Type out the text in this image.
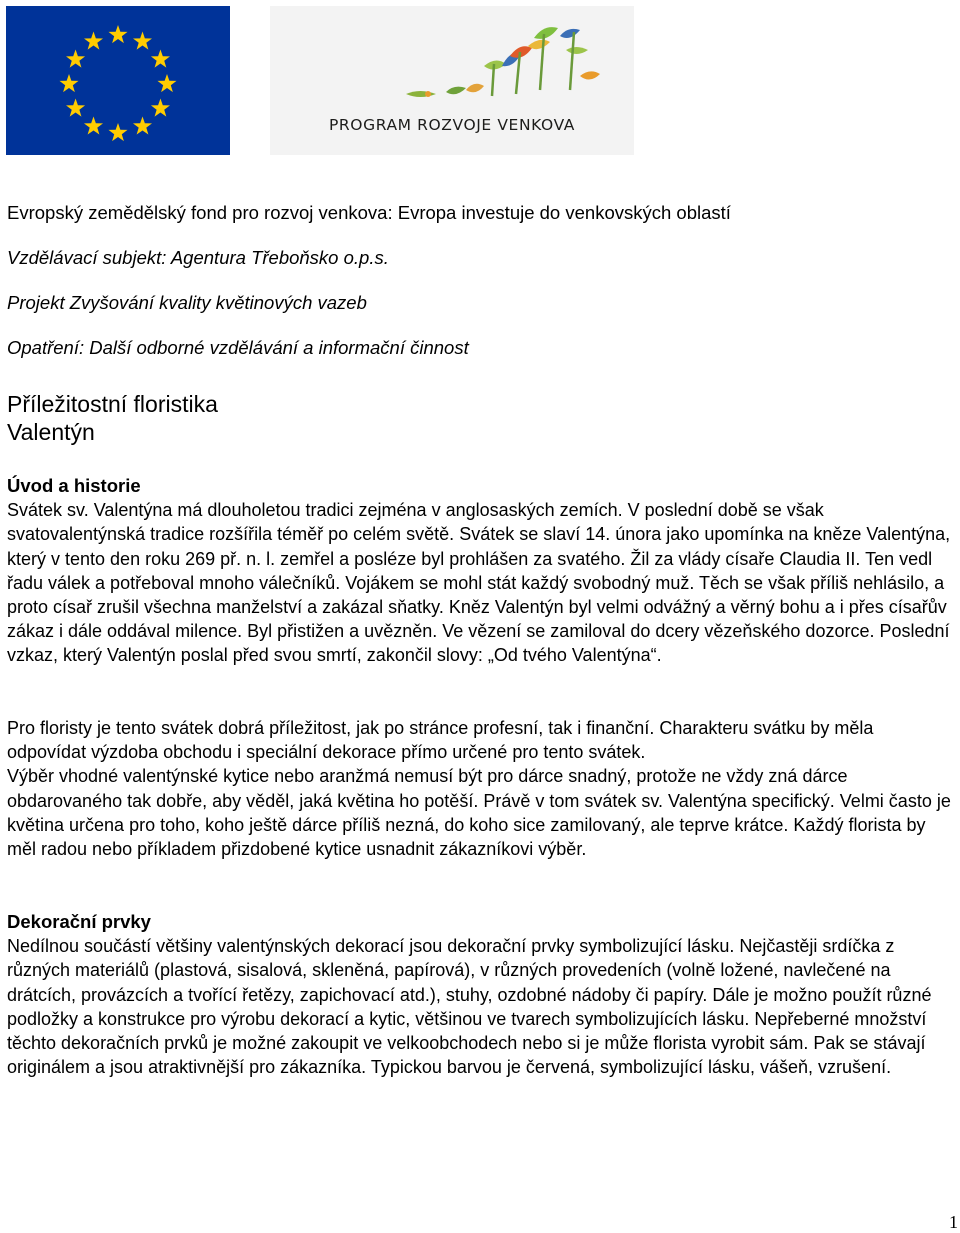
PROGRAM ROZVOJE VENKOVA
Evropský zemědělský fond pro rozvoj venkova: Evropa investuje do venkovských oblastí
Vzdělávací subjekt: Agentura Třeboňsko o.p.s.
Projekt Zvyšování kvality květinových vazeb
Opatření: Další odborné vzdělávání a informační činnost
Příležitostní floristika
Valentýn
Úvod a historie

Svátek sv. Valentýna má dlouholetou tradici zejména v anglosaských zemích. V poslední době se však svatovalentýnská tradice rozšířila téměř po celém světě. Svátek se slaví 14. února jako upomínka na kněze Valentýna, který v tento den roku 269 př. n. l. zemřel a posléze byl prohlášen za svatého. Žil za vlády císaře Claudia II. Ten vedl řadu válek a potřeboval mnoho válečníků. Vojákem se mohl stát každý svobodný muž. Těch se však příliš nehlásilo, a proto císař zrušil všechna manželství a zakázal sňatky. Kněz Valentýn byl velmi odvážný a věrný bohu a i přes císařův zákaz i dále oddával milence. Byl přistižen a uvězněn. Ve vězení se zamiloval do dcery vězeňského dozorce. Poslední vzkaz, který Valentýn poslal před svou smrtí, zakončil slovy: „Od tvého Valentýna“.

Pro floristy je tento svátek dobrá příležitost, jak po stránce profesní, tak i finanční. Charakteru svátku by měla odpovídat výzdoba obchodu i speciální dekorace přímo určené pro tento svátek.

Výběr vhodné valentýnské kytice nebo aranžmá nemusí být pro dárce snadný, protože ne vždy zná dárce obdarovaného tak dobře, aby věděl, jaká květina ho potěší. Právě v tom svátek sv. Valentýna specifický. Velmi často je květina určena pro toho, koho ještě dárce příliš nezná, do koho sice zamilovaný, ale teprve krátce. Každý florista by měl radou nebo příkladem přizdobené kytice usnadnit zákazníkovi výběr.

Dekorační prvky

Nedílnou součástí většiny valentýnských dekorací jsou dekorační prvky symbolizující lásku. Nejčastěji srdíčka z různých materiálů (plastová, sisalová, skleněná, papírová), v různých provedeních (volně ložené, navlečené na drátcích, provázcích a tvořící řetězy, zapichovací atd.), stuhy, ozdobné nádoby či papíry. Dále je možno použít různé podložky a konstrukce pro výrobu dekorací a kytic, většinou ve tvarech symbolizujících lásku. Nepřeberné množství těchto dekoračních prvků je možné zakoupit ve velkoobchodech nebo si je může florista vyrobit sám. Pak se stávají originálem a jsou atraktivnější pro zákazníka. Typickou barvou je červená, symbolizující lásku, vášeň, vzrušení.

1
